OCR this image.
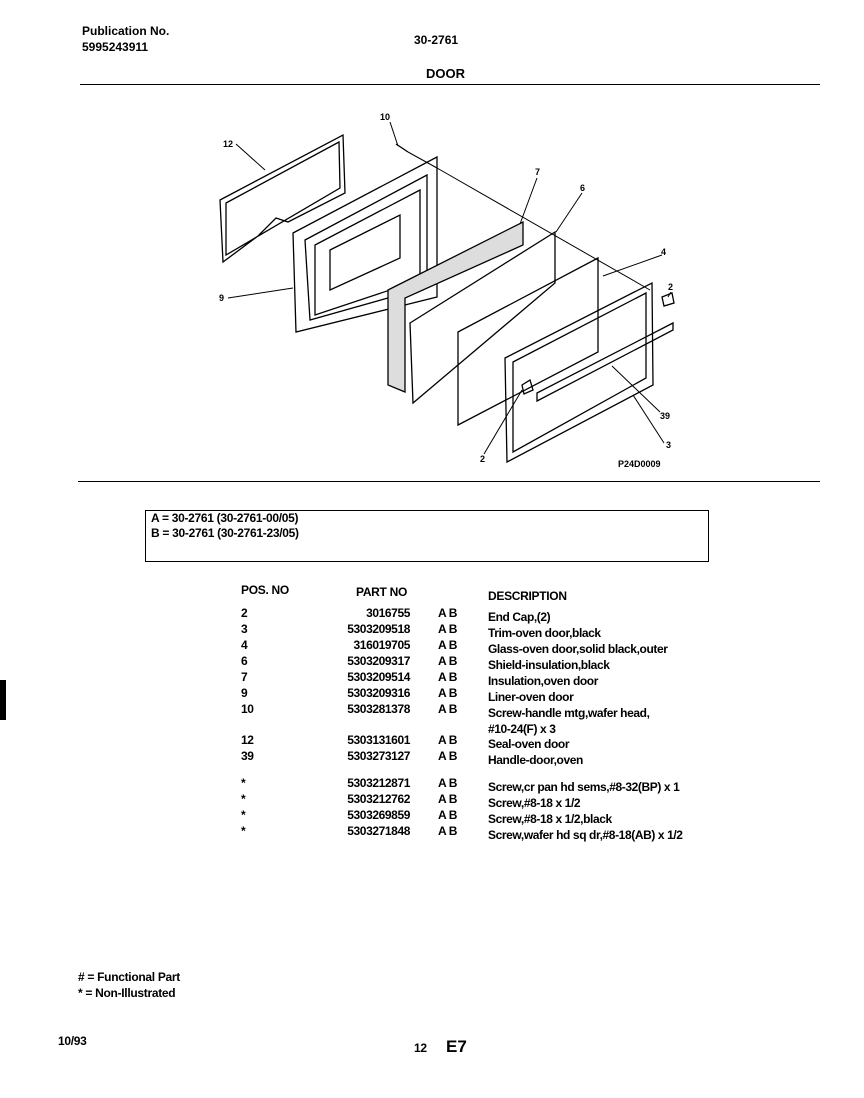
Publication No.
5995243911	30-2761
DOOR
10
12
7
6
4
2
9
39
3
2	P24D0009
A = 30-2761 (30-2761-00/05)
B = 30-2761 (30-2761-23/05)
POS. NO	PART NO	DESCRIPTION
2	3016755 A B	End Cap,(2)
3	5303209518 A B	Trim-oven door,black
4	316019705 A B	Glass-oven door,solid black,outer
6	5303209317 A B	Shield-insulation,black
7	5303209514 A B	Insulation,oven door
9	5303209316 A B	Liner-oven door
10	5303281378 A B	Screw-handle mtg,wafer head,
#10-24(F) x 3
12	5303131601 A B	Seal-oven door
39	5303273127 A B	Handle-door,oven
*	5303212871 A B	Screw,cr pan hd sems,#8-32(BP) x 1
*	5303212762 A B	Screw,#8-18 x 1/2
*	5303269859 A B	Screw,#8-18 x 1/2,black
*	5303271848 A B	Screw,wafer hd sq dr,#8-18(AB) x 1/2
# = Functional Part
* = Non-Illustrated
10/93	12 E7
